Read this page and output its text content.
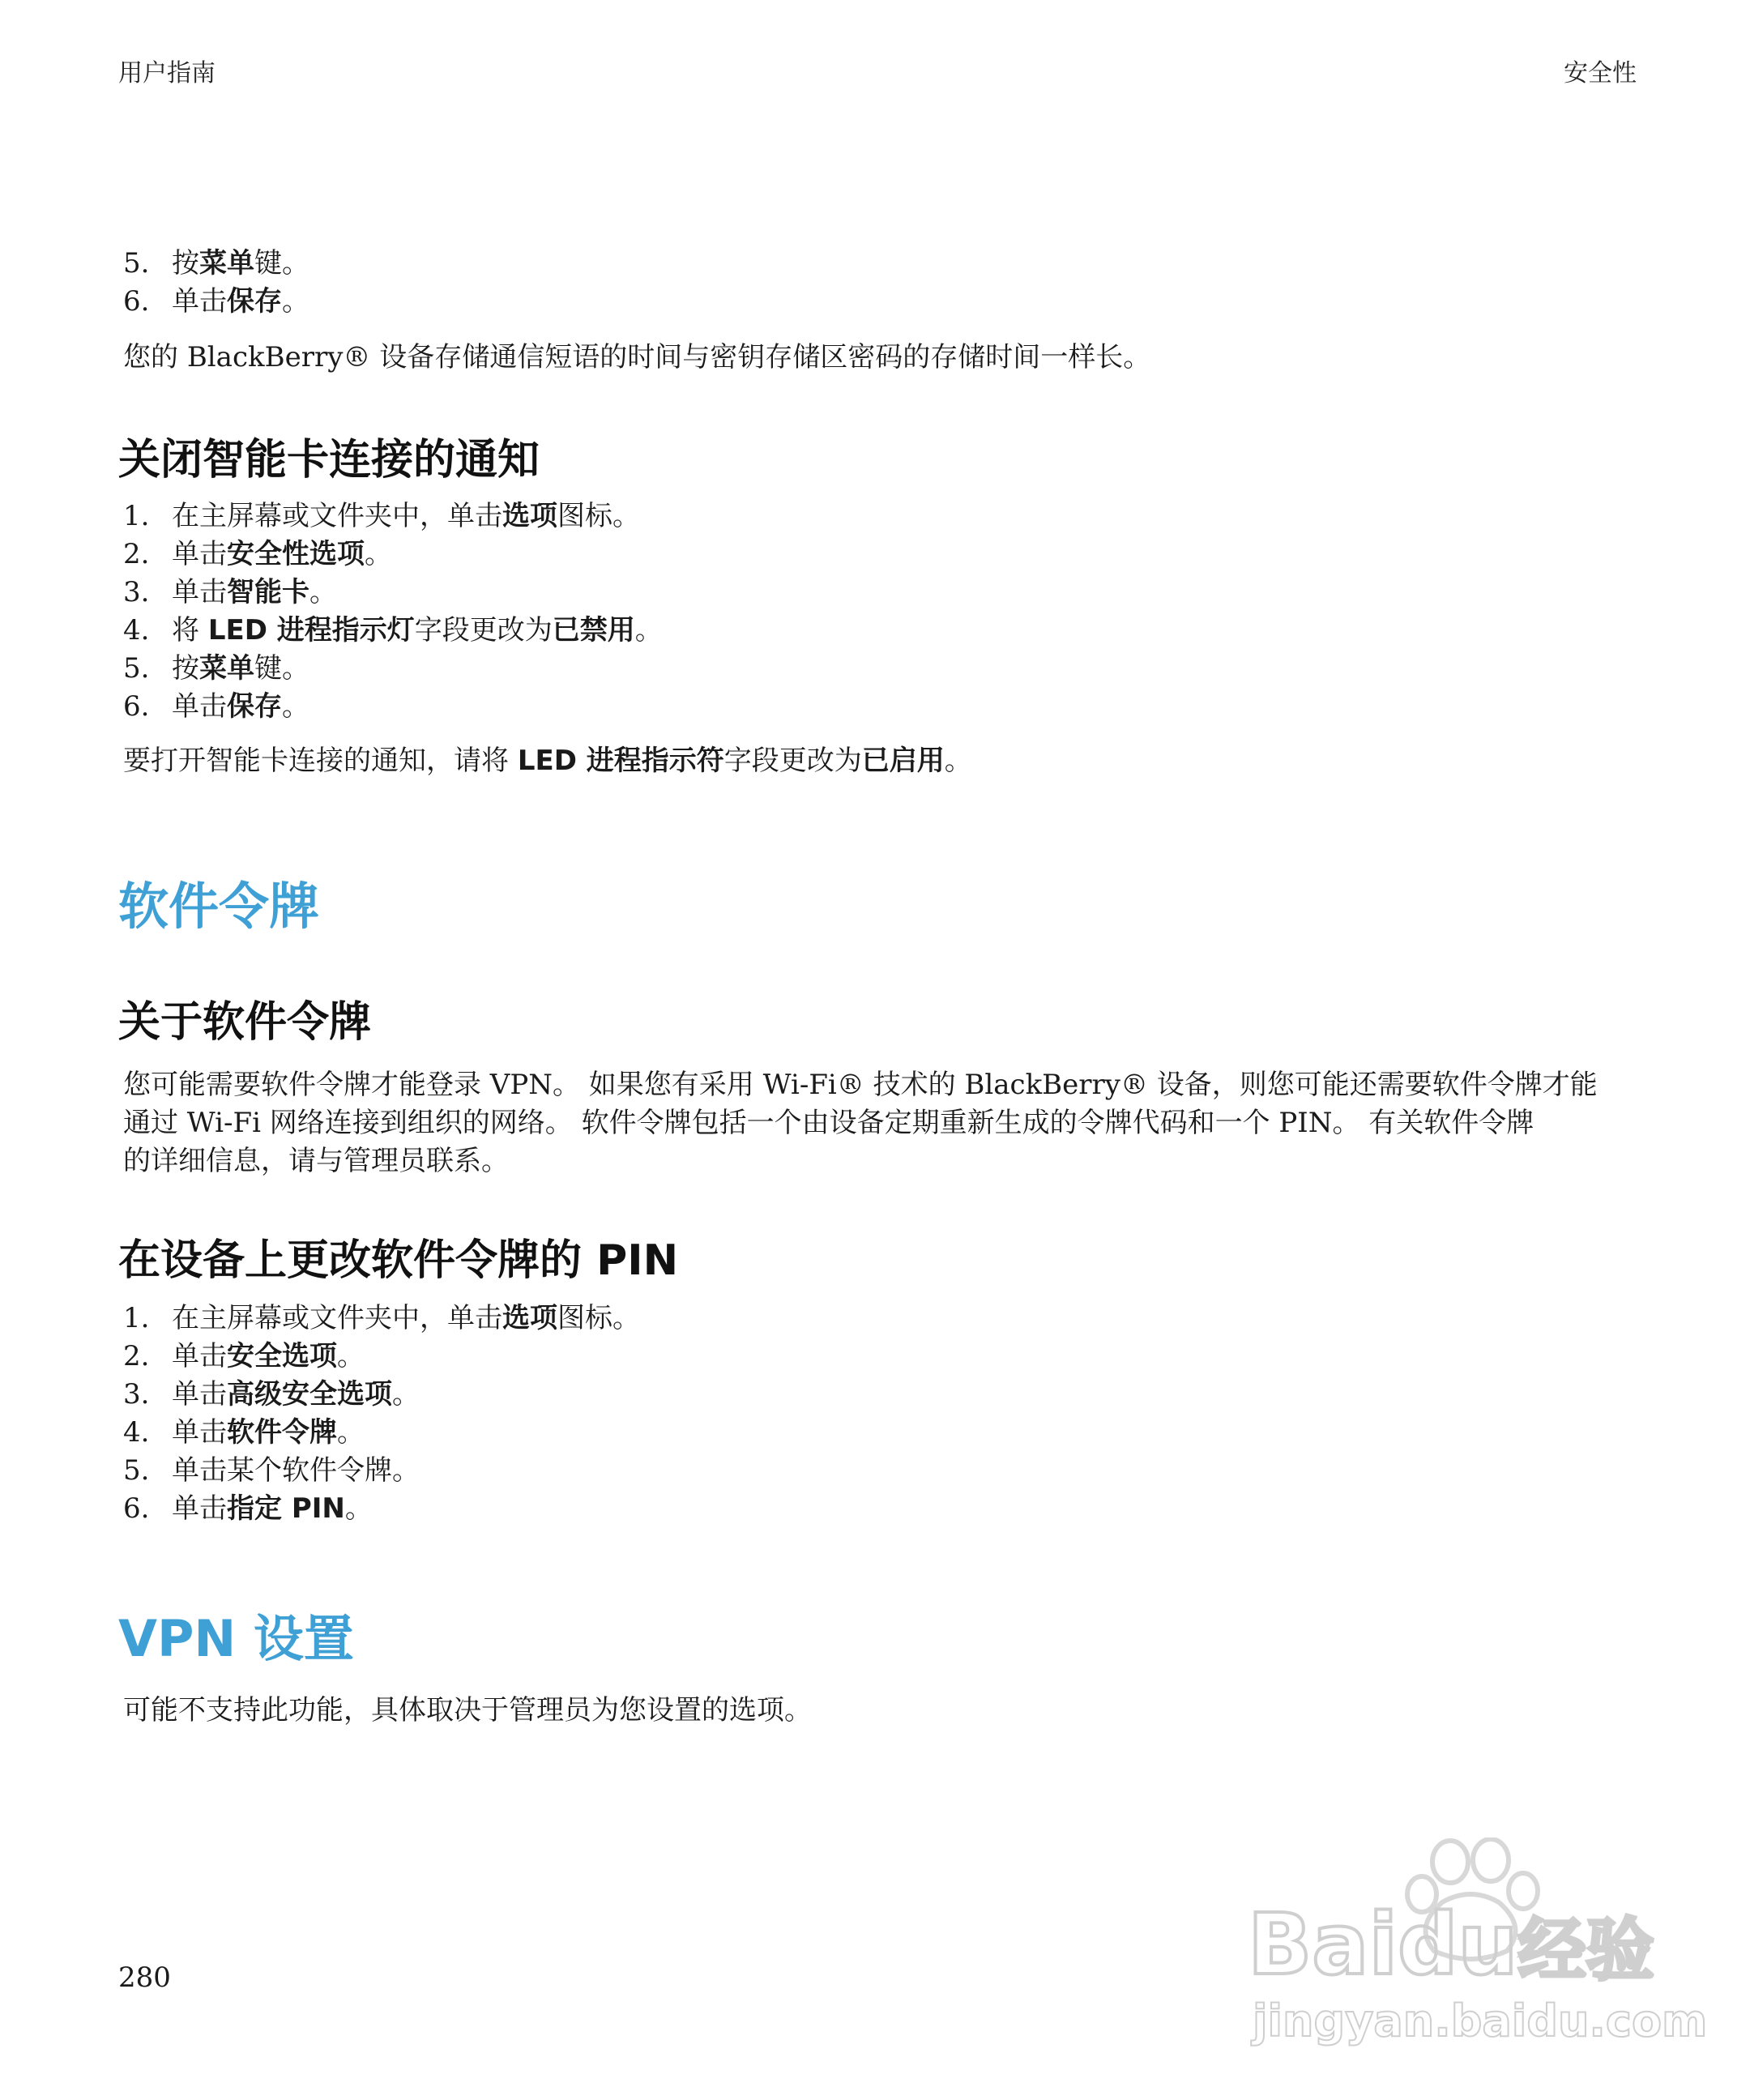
用户指南	安全性
5. 按菜单键。
6. 单击保存。
您的 BlackBerry® 设备存储通信短语的时间与密钥存储区密码的存储时间一样长。
关闭智能卡连接的通知
1. 在主屏幕或文件夹中，单击选项图标。
2. 单击安全性选项。
3. 单击智能卡。
4. 将 LED 进程指示灯字段更改为已禁用。
5. 按菜单键。
6. 单击保存。
要打开智能卡连接的通知，请将 LED 进程指示符字段更改为已启用。
软件令牌
关于软件令牌
您可能需要软件令牌才能登录 VPN。 如果您有采用 Wi-Fi® 技术的 BlackBerry® 设备，则您可能还需要软件令牌才能
通过 Wi-Fi 网络连接到组织的网络。 软件令牌包括一个由设备定期重新生成的令牌代码和一个 PIN。 有关软件令牌
的详细信息，请与管理员联系。
在设备上更改软件令牌的 PIN
1. 在主屏幕或文件夹中，单击选项图标。
2. 单击安全选项。
3. 单击高级安全选项。
4. 单击软件令牌。
5. 单击某个软件令牌。
6. 单击指定 PIN。
VPN 设置
可能不支持此功能，具体取决于管理员为您设置的选项。
280	Baidu经验
jingyan.baidu.com
